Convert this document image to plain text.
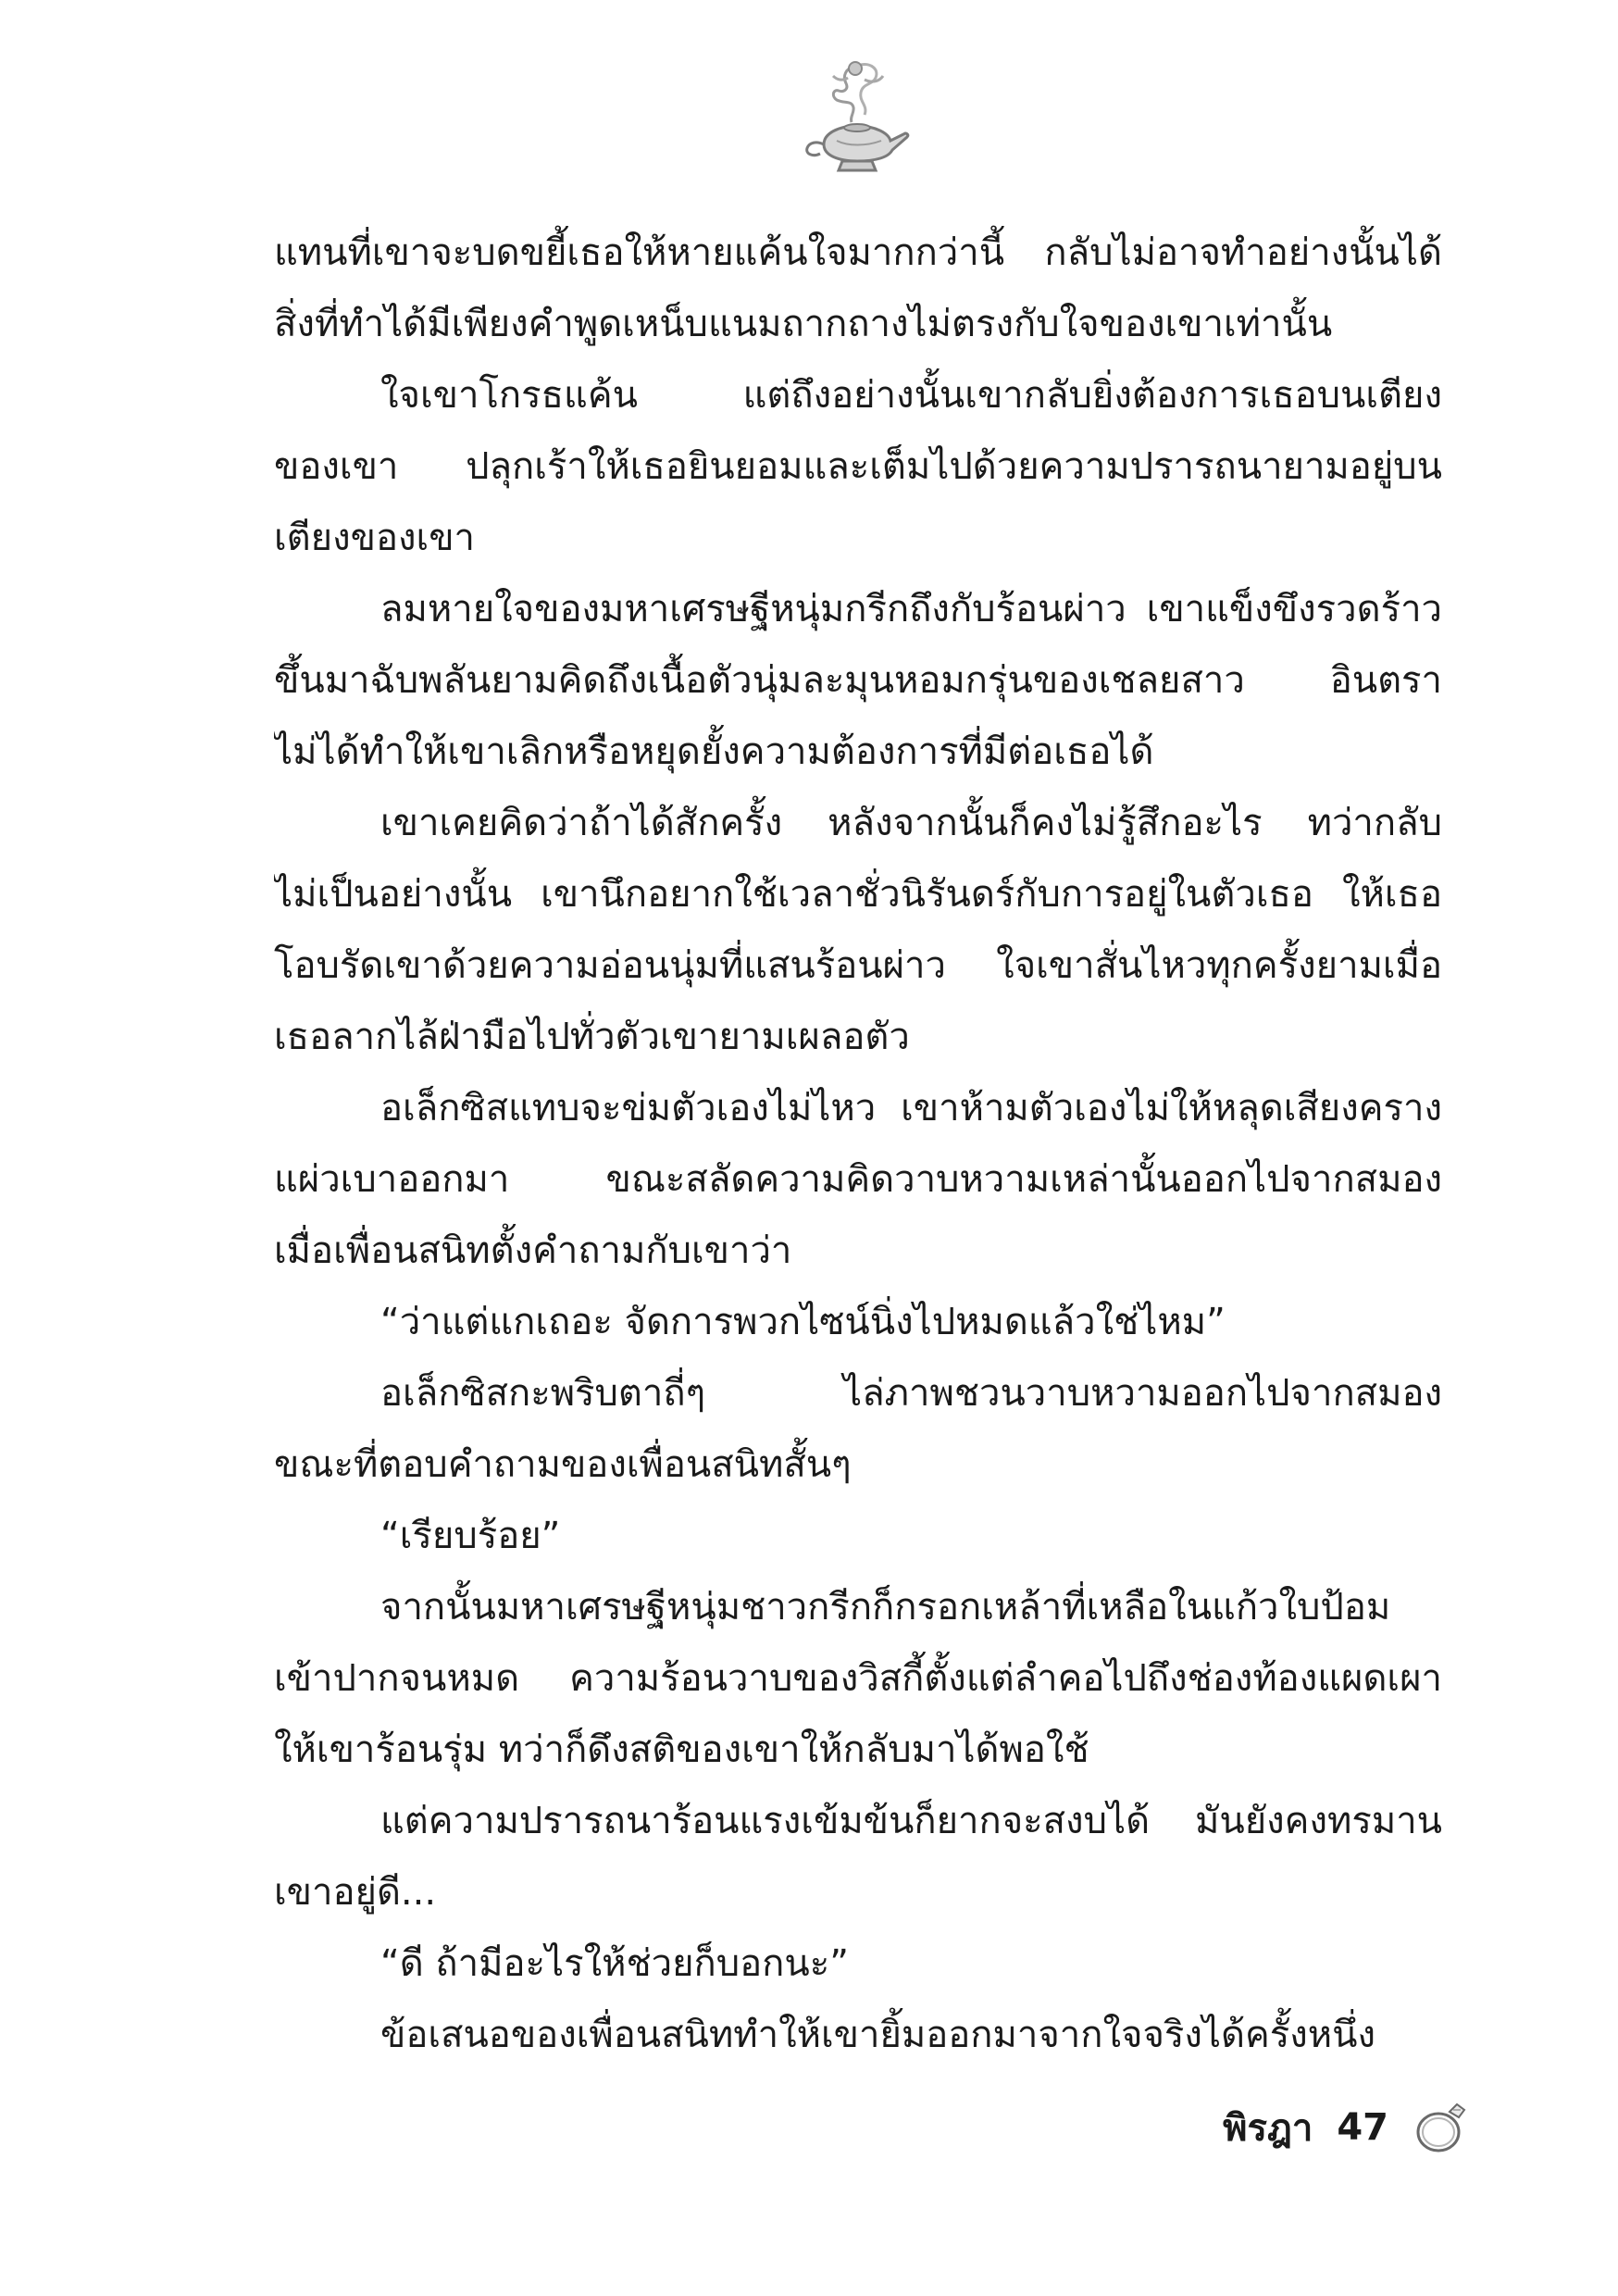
แทนที่เขาจะบดขยี้เธอให้หายแค้นใจมากกว่านี้ กลับไม่อาจทำอย่างนั้นได้
สิ่งที่ทำได้มีเพียงคำพูดเหน็บแนมถากถางไม่ตรงกับใจของเขาเท่านั้น
ใจเขาโกรธแค้น แต่ถึงอย่างนั้นเขากลับยิ่งต้องการเธอบนเตียง
ของเขา ปลุกเร้าให้เธอยินยอมและเต็มไปด้วยความปรารถนายามอยู่บน
เตียงของเขา
ลมหายใจของมหาเศรษฐีหนุ่มกรีกถึงกับร้อนผ่าว เขาแข็งขึงรวดร้าว
ขึ้นมาฉับพลันยามคิดถึงเนื้อตัวนุ่มละมุนหอมกรุ่นของเชลยสาว อินตรา
ไม่ได้ทำให้เขาเลิกหรือหยุดยั้งความต้องการที่มีต่อเธอได้
เขาเคยคิดว่าถ้าได้สักครั้ง หลังจากนั้นก็คงไม่รู้สึกอะไร ทว่ากลับ
ไม่เป็นอย่างนั้น เขานึกอยากใช้เวลาชั่วนิรันดร์กับการอยู่ในตัวเธอ ให้เธอ
โอบรัดเขาด้วยความอ่อนนุ่มที่แสนร้อนผ่าว ใจเขาสั่นไหวทุกครั้งยามเมื่อ
เธอลากไล้ฝ่ามือไปทั่วตัวเขายามเผลอตัว
อเล็กซิสแทบจะข่มตัวเองไม่ไหว เขาห้ามตัวเองไม่ให้หลุดเสียงคราง
แผ่วเบาออกมา ขณะสลัดความคิดวาบหวามเหล่านั้นออกไปจากสมอง
เมื่อเพื่อนสนิทตั้งคำถามกับเขาว่า
“ว่าแต่แกเถอะ จัดการพวกไซน์นิ่งไปหมดแล้วใช่ไหม”
อเล็กซิสกะพริบตาถี่ๆ ไล่ภาพชวนวาบหวามออกไปจากสมอง
ขณะที่ตอบคำถามของเพื่อนสนิทสั้นๆ
“เรียบร้อย”
จากนั้นมหาเศรษฐีหนุ่มชาวกรีกก็กรอกเหล้าที่เหลือในแก้วใบป้อม
เข้าปากจนหมด ความร้อนวาบของวิสกี้ตั้งแต่ลำคอไปถึงช่องท้องแผดเผา
ให้เขาร้อนรุ่ม ทว่าก็ดึงสติของเขาให้กลับมาได้พอใช้
แต่ความปรารถนาร้อนแรงเข้มข้นก็ยากจะสงบได้ มันยังคงทรมาน
เขาอยู่ดี...
“ดี ถ้ามีอะไรให้ช่วยก็บอกนะ”
ข้อเสนอของเพื่อนสนิททำให้เขายิ้มออกมาจากใจจริงได้ครั้งหนึ่ง
พิรฎา 47
